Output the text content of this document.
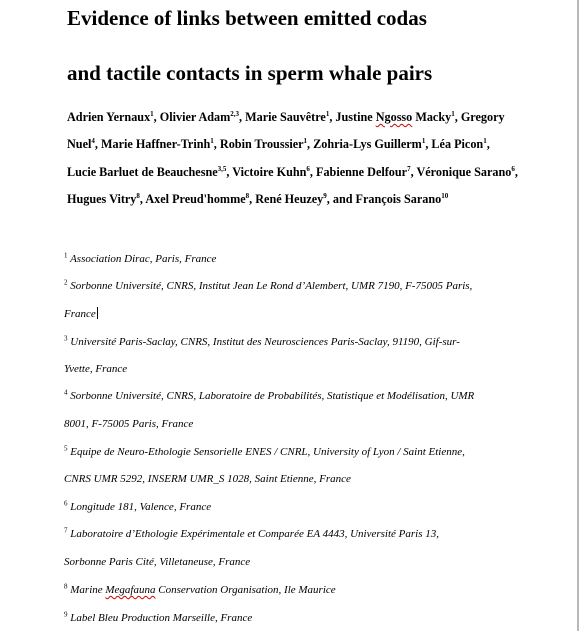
Evidence of links between emitted codas
and tactile contacts in sperm whale pairs
Adrien Yernaux$^1$, Olivier Adam$^{2,3}$, Marie Sauvêtre$^1$, Justine Ngosso Macky$^1$, Gregory
Nuel$^4$, Marie Haffner-Trinh$^1$, Robin Troussier$^1$, Zohria-Lys Guillerm$^1$, Léa Picon$^1$,
Lucie Barluet de Beauchesne$^{3,5}$, Victoire Kuhn$^6$, Fabienne Delfour$^7$, Véronique Sarano$^6$,
Hugues Vitry$^8$, Axel Preud'homme$^8$, René Heuzey$^9$, and François Sarano$^{10}$
$^1$ Association Dirac, Paris, France
$^2$ Sorbonne Université, CNRS, Institut Jean Le Rond d’Alembert, UMR 7190, F-75005 Paris,
France
$^3$ Université Paris-Saclay, CNRS, Institut des Neurosciences Paris-Saclay, 91190, Gif-sur-
Yvette, France
$^4$ Sorbonne Université, CNRS, Laboratoire de Probabilités, Statistique et Modélisation, UMR
8001, F-75005 Paris, France
$^5$ Equipe de Neuro-Ethologie Sensorielle ENES / CNRL, University of Lyon / Saint Etienne,
CNRS UMR 5292, INSERM UMR_S 1028, Saint Etienne, France
$^6$ Longitude 181, Valence, France
$^7$ Laboratoire d’Ethologie Expérimentale et Comparée EA 4443, Université Paris 13,
Sorbonne Paris Cité, Villetaneuse, France
$^8$ Marine Megafauna Conservation Organisation, Ile Maurice
$^9$ Label Bleu Production Marseille, France
